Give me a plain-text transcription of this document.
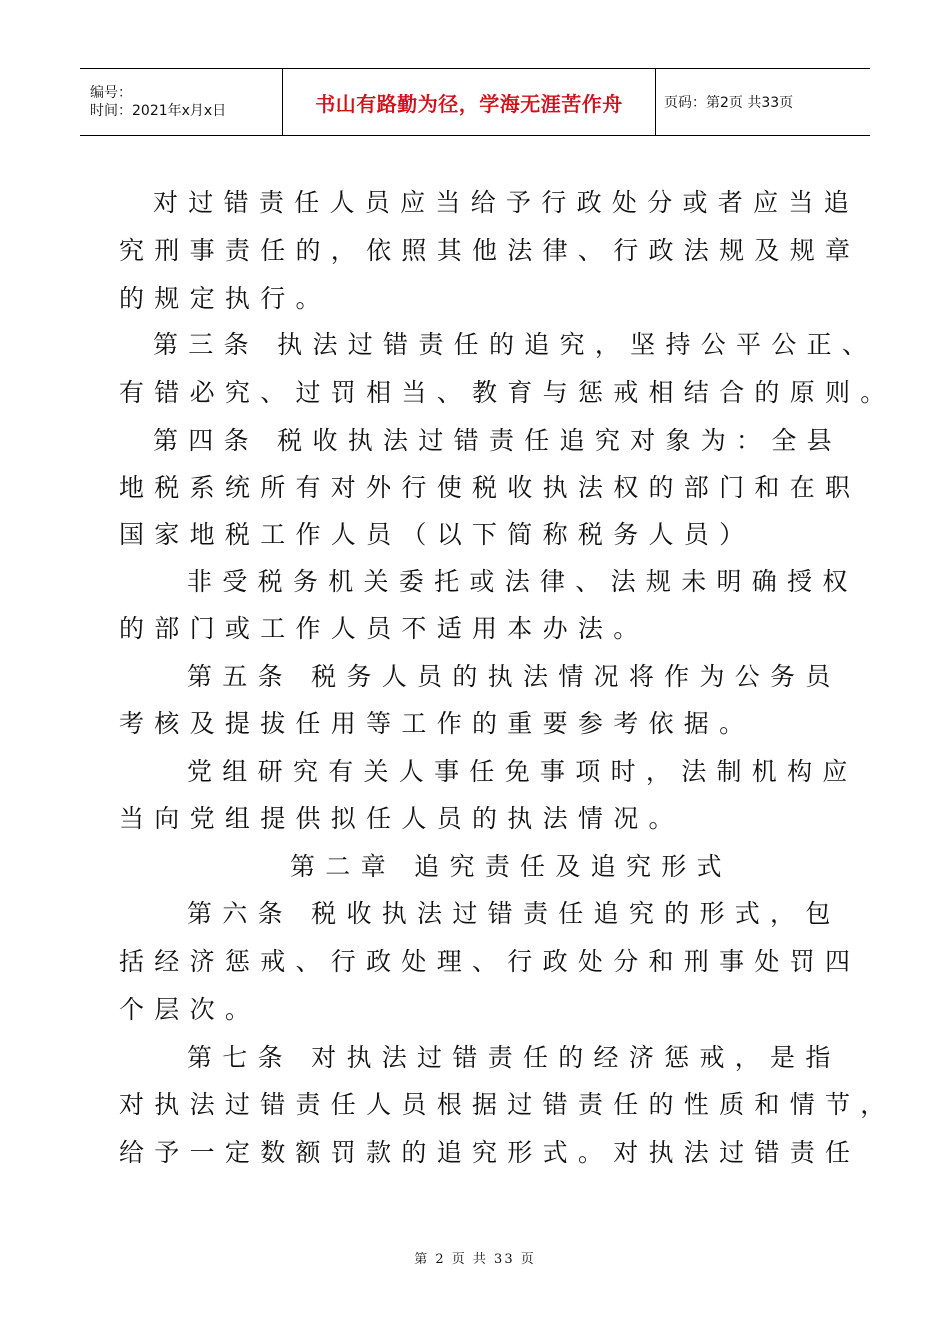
编号：
时间：2021年x月x日	书山有路勤为径，学海无涯苦作舟	页码：第2页 共33页
对过错责任人员应当给予行政处分或者应当追
究刑事责任的，依照其他法律、行政法规及规章
的规定执行。
第三条 执法过错责任的追究，坚持公平公正、
有错必究、过罚相当、教育与惩戒相结合的原则。
第四条 税收执法过错责任追究对象为：全县
地税系统所有对外行使税收执法权的部门和在职
国家地税工作人员（以下简称税务人员）
非受税务机关委托或法律、法规未明确授权
的部门或工作人员不适用本办法。
第五条 税务人员的执法情况将作为公务员
考核及提拔任用等工作的重要参考依据。
党组研究有关人事任免事项时，法制机构应
当向党组提供拟任人员的执法情况。
第二章 追究责任及追究形式
第六条 税收执法过错责任追究的形式，包
括经济惩戒、行政处理、行政处分和刑事处罚四
个层次。
第七条 对执法过错责任的经济惩戒，是指
对执法过错责任人员根据过错责任的性质和情节，
给予一定数额罚款的追究形式。对执法过错责任
第 2 页 共 33 页
